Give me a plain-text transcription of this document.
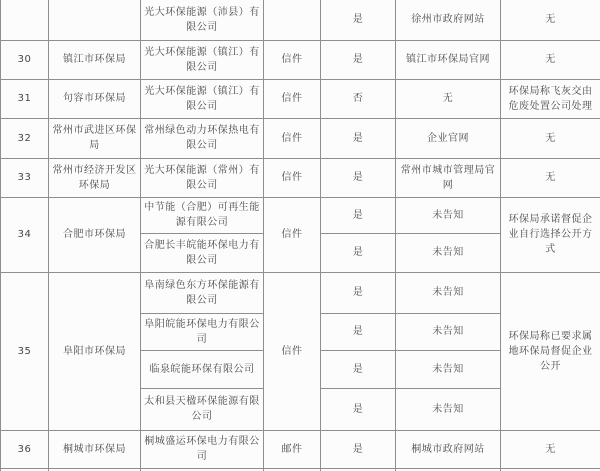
		光大环保能源（沛县）有限公司		是	徐州市政府网站	无
30	镇江市环保局	光大环保能源（镇江）有限公司	信件	是	镇江市环保局官网	无
31	句容市环保局	光大环保能源（镇江）有限公司	信件	否	无	环保局称飞灰交由危废处置公司处理
32	常州市武进区环保局	常州绿色动力环保热电有限公司	信件	是	企业官网	无
33	常州市经济开发区环保局	光大环保能源（常州）有限公司	信件	是	常州市城市管理局官网	无
34	合肥市环保局	中节能（合肥）可再生能源有限公司	信件	是	未告知	环保局承诺督促企业自行选择公开方式
		合肥长丰皖能环保电力有限公司		是	未告知	
35	阜阳市环保局	阜南绿色东方环保能源有限公司	信件	是	未告知	环保局称已要求属地环保局督促企业公开
		阜阳皖能环保电力有限公司		是	未告知	
		临泉皖能环保有限公司		是	未告知	
		太和县天楹环保能源有限公司		是	未告知	
36	桐城市环保局	桐城盛运环保电力有限公司	邮件	是	桐城市政府网站	无
